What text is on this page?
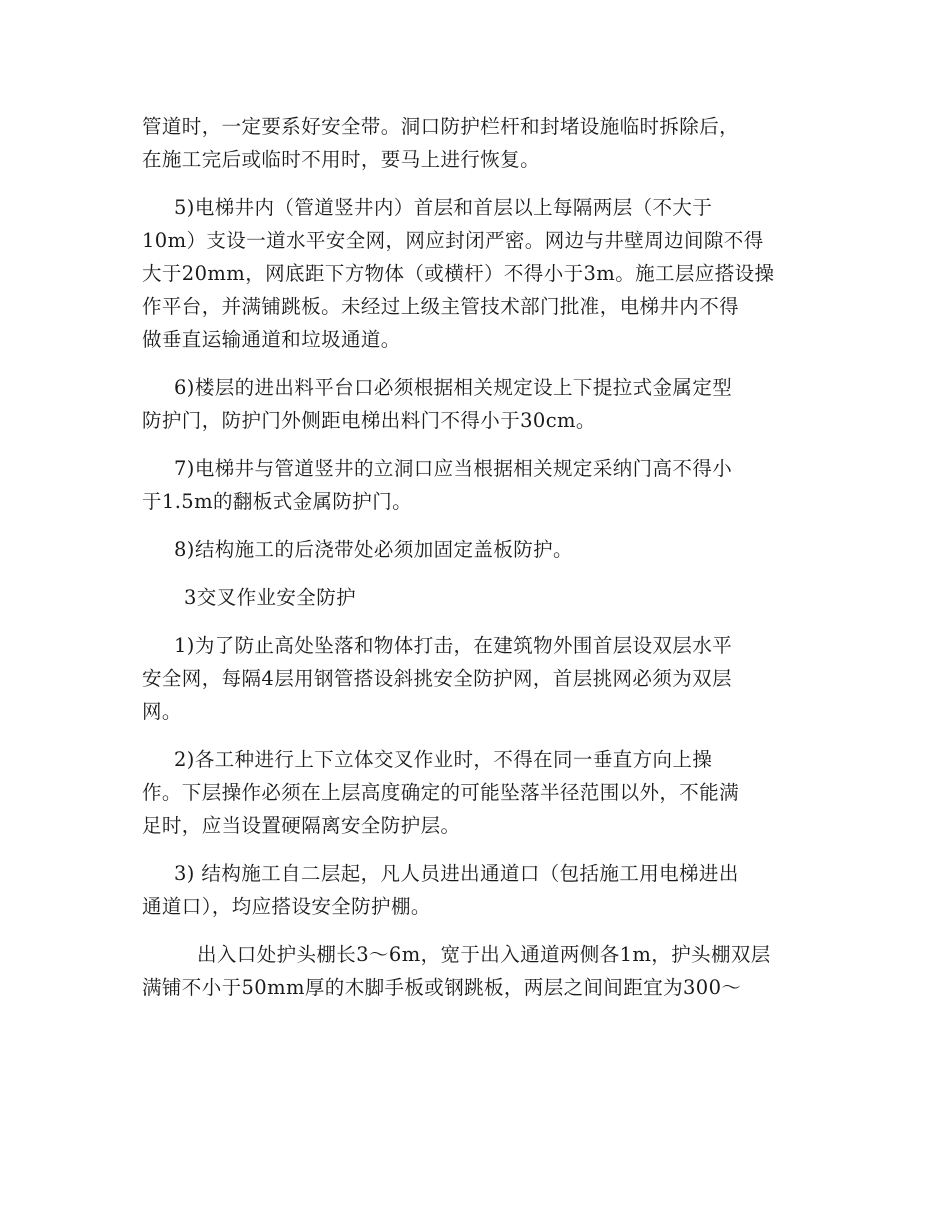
管道时，一定要系好安全带。洞口防护栏杆和封堵设施临时拆除后，
在施工完后或临时不用时，要马上进行恢复。

5)电梯井内（管道竖井内）首层和首层以上每隔两层（不大于
10m）支设一道水平安全网，网应封闭严密。网边与井壁周边间隙不得
大于20mm，网底距下方物体（或横杆）不得小于3m。施工层应搭设操
作平台，并满铺跳板。未经过上级主管技术部门批准，电梯井内不得
做垂直运输通道和垃圾通道。

6)楼层的进出料平台口必须根据相关规定设上下提拉式金属定型
防护门，防护门外侧距电梯出料门不得小于30cm。

7)电梯井与管道竖井的立洞口应当根据相关规定采纳门高不得小
于1.5m的翻板式金属防护门。

8)结构施工的后浇带处必须加固定盖板防护。

3交叉作业安全防护

1)为了防止高处坠落和物体打击，在建筑物外围首层设双层水平
安全网，每隔4层用钢管搭设斜挑安全防护网，首层挑网必须为双层
网。

2)各工种进行上下立体交叉作业时，不得在同一垂直方向上操
作。下层操作必须在上层高度确定的可能坠落半径范围以外，不能满
足时，应当设置硬隔离安全防护层。

3) 结构施工自二层起，凡人员进出通道口（包括施工用电梯进出
通道口），均应搭设安全防护棚。

出入口处护头棚长3～6m，宽于出入通道两侧各1m，护头棚双层
满铺不小于50mm厚的木脚手板或钢跳板，两层之间间距宜为300～
